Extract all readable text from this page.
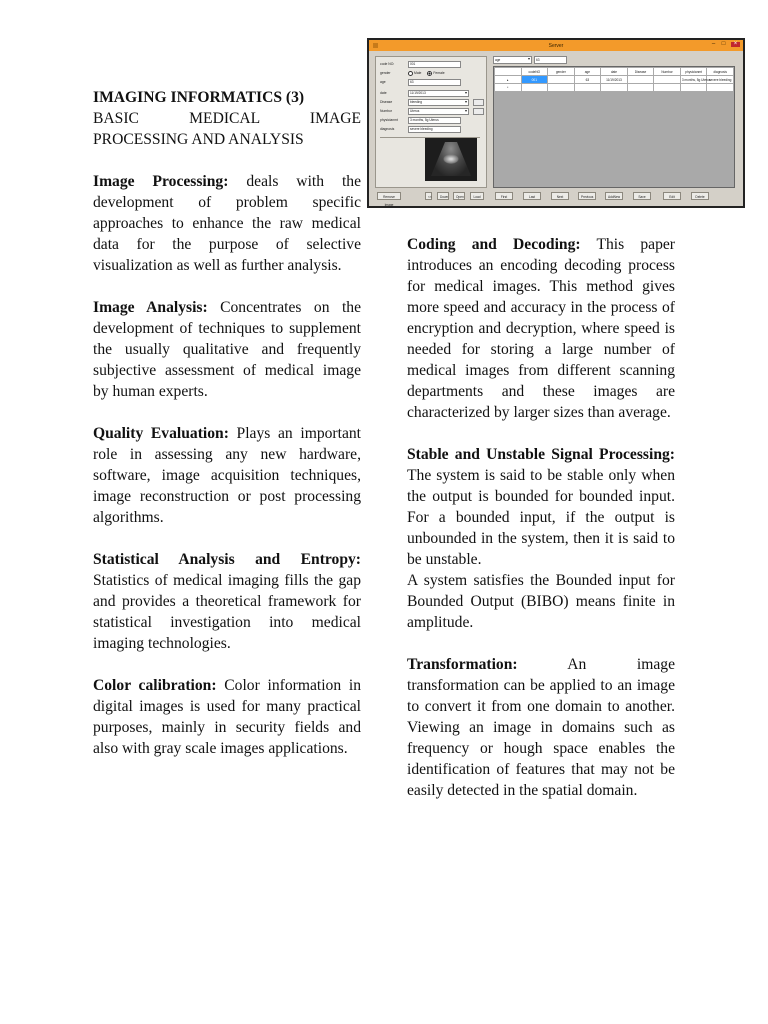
Server	– □	×
code NO:	001
gender	Male	Female
age	63
date	11/19/2013 ▾
Disease	bleeding ▾
Numbor	Uterus ▾
physicianmt	3 months, 5g Uterus
diagnosis	severe bleeding
age ▾	63
	codeNO	gender	age	date	Disease	Numbor	physicianmt	diagnosis
▸	001		63	11/19/2013			3 months, 5g Uterus	severe bleeding
*								
Remove Image
<<	Down	Open	Load	First	Last	Next	Previous	AddNew	Save	Edit	Delete

IMAGING INFORMATICS (3)

BASIC MEDICAL IMAGE PROCESSING AND ANALYSIS

Image Processing: deals with the development of problem specific approaches to enhance the raw medical data for the purpose of selective visualization as well as further analysis.

Image Analysis: Concentrates on the development of techniques to supplement the usually qualitative and frequently subjective assessment of medical image by human experts.

Quality Evaluation: Plays an important role in assessing any new hardware, software, image acquisition techniques, image reconstruction or post processing algorithms.

Statistical Analysis and Entropy: Statistics of medical imaging fills the gap and provides a theoretical framework for statistical investigation into medical imaging technologies.

Color calibration: Color information in digital images is used for many practical purposes, mainly in security fields and also with gray scale images applications.

Coding and Decoding: This paper introduces an encoding decoding process for medical images. This method gives more speed and accuracy in the process of encryption and decryption, where speed is needed for storing a large number of medical images from different scanning departments and these images are characterized by larger sizes than average.

Stable and Unstable Signal Processing: The system is said to be stable only when the output is bounded for bounded input. For a bounded input, if the output is unbounded in the system, then it is said to be unstable.

A system satisfies the Bounded input for Bounded Output (BIBO) means finite in amplitude.

Transformation: An image transformation can be applied to an image to convert it from one domain to another. Viewing an image in domains such as frequency or hough space enables the identification of features that may not be easily detected in the spatial domain.
